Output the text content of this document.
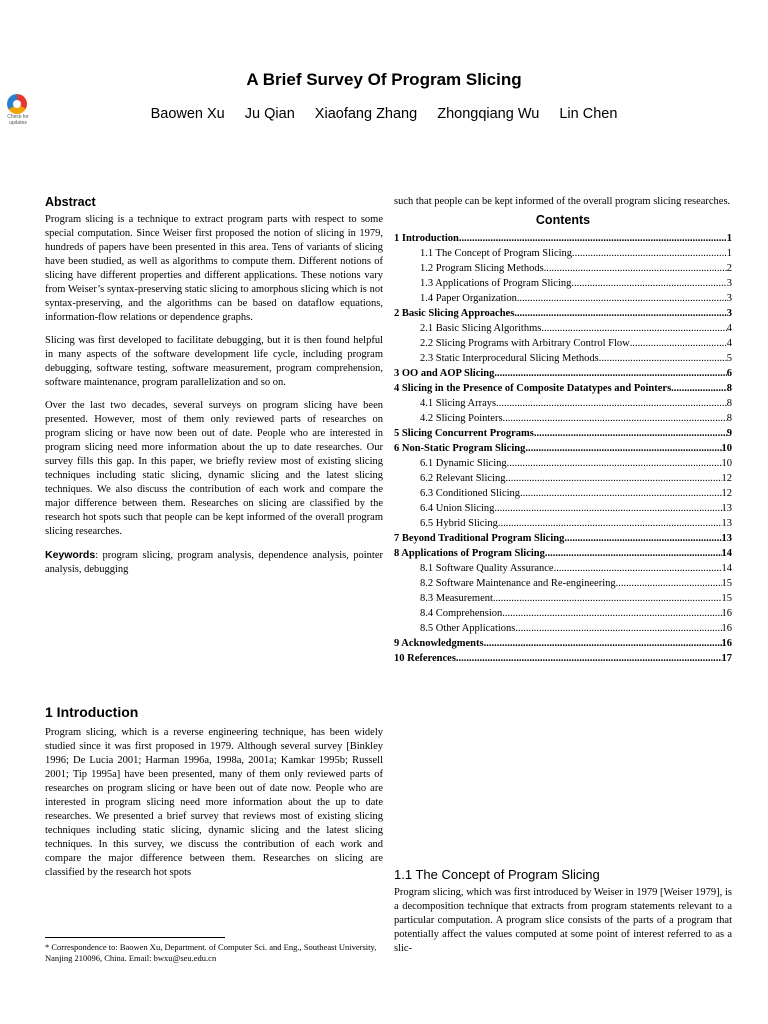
Check for updates
A Brief Survey Of Program Slicing
Baowen Xu Ju Qian Xiaofang Zhang Zhongqiang Wu Lin Chen
Abstract
Program slicing is a technique to extract program parts with respect to some special computation. Since Weiser first proposed the notion of slicing in 1979, hundreds of papers have been presented in this area. Tens of variants of slicing have been studied, as well as algorithms to compute them. Different notions of slicing have different properties and different applications. These notions vary from Weiser’s syntax-preserving static slicing to amorphous slicing which is not syntax-preserving, and the algorithms can be based on dataflow equations, information-flow relations or dependence graphs.
Slicing was first developed to facilitate debugging, but it is then found helpful in many aspects of the software development life cycle, including program debugging, software testing, software measurement, program comprehension, software maintenance, program parallelization and so on.
Over the last two decades, several surveys on program slicing have been presented. However, most of them only reviewed parts of researches on program slicing or have now been out of date. People who are interested in program slicing need more information about the up to date researches. Our survey fills this gap. In this paper, we briefly review most of existing slicing techniques including static slicing, dynamic slicing and the latest slicing techniques. We also discuss the contribution of each work and compare the major difference between them. Researches on slicing are classified by the research hot spots such that people can be kept informed of the overall program slicing researches.
Keywords: program slicing, program analysis, dependence analysis, pointer analysis, debugging
1 Introduction
Program slicing, which is a reverse engineering technique, has been widely studied since it was first proposed in 1979. Although several survey [Binkley 1996; De Lucia 2001; Harman 1996a, 1998a, 2001a; Kamkar 1995b; Russell 2001; Tip 1995a] have been presented, many of them only reviewed parts of researches on program slicing or have been out of date now. People who are interested in program slicing need more information about the up to date researches. We presented a brief survey that reviews most of existing slicing techniques including static slicing, dynamic slicing and the latest slicing techniques. In this survey, we discuss the contribution of each work and compare the major difference between them. Researches on slicing are classified by the research hot spots
* Correspondence to: Baowen Xu, Department. of Computer Sci. and Eng., Southeast University, Nanjing 210096, China. Email: bwxu@seu.edu.cn
such that people can be kept informed of the overall program slicing researches.
Contents
1 Introduction .....	1
1.1 The Concept of Program Slicing .....	1
1.2 Program Slicing Methods .....	2
1.3 Applications of Program Slicing .....	3
1.4 Paper Organization .....	3
2 Basic Slicing Approaches .....	3
2.1 Basic Slicing Algorithms .....	4
2.2 Slicing Programs with Arbitrary Control Flow .....	4
2.3 Static Interprocedural Slicing Methods .....	5
3 OO and AOP Slicing .....	6
4 Slicing in the Presence of Composite Datatypes and Pointers .....	8
4.1 Slicing Arrays .....	8
4.2 Slicing Pointers .....	8
5 Slicing Concurrent Programs .....	9
6 Non-Static Program Slicing .....	10
6.1 Dynamic Slicing .....	10
6.2 Relevant Slicing .....	12
6.3 Conditioned Slicing .....	12
6.4 Union Slicing .....	13
6.5 Hybrid Slicing .....	13
7 Beyond Traditional Program Slicing .....	13
8 Applications of Program Slicing .....	14
8.1 Software Quality Assurance .....	14
8.2 Software Maintenance and Re-engineering .....	15
8.3 Measurement .....	15
8.4 Comprehension .....	16
8.5 Other Applications .....	16
9 Acknowledgments .....	16
10 References .....	17
1.1 The Concept of Program Slicing
Program slicing, which was first introduced by Weiser in 1979 [Weiser 1979], is a decomposition technique that extracts from program statements relevant to a particular computation. A program slice consists of the parts of a program that potentially affect the values computed at some point of interest referred to as a slic-
